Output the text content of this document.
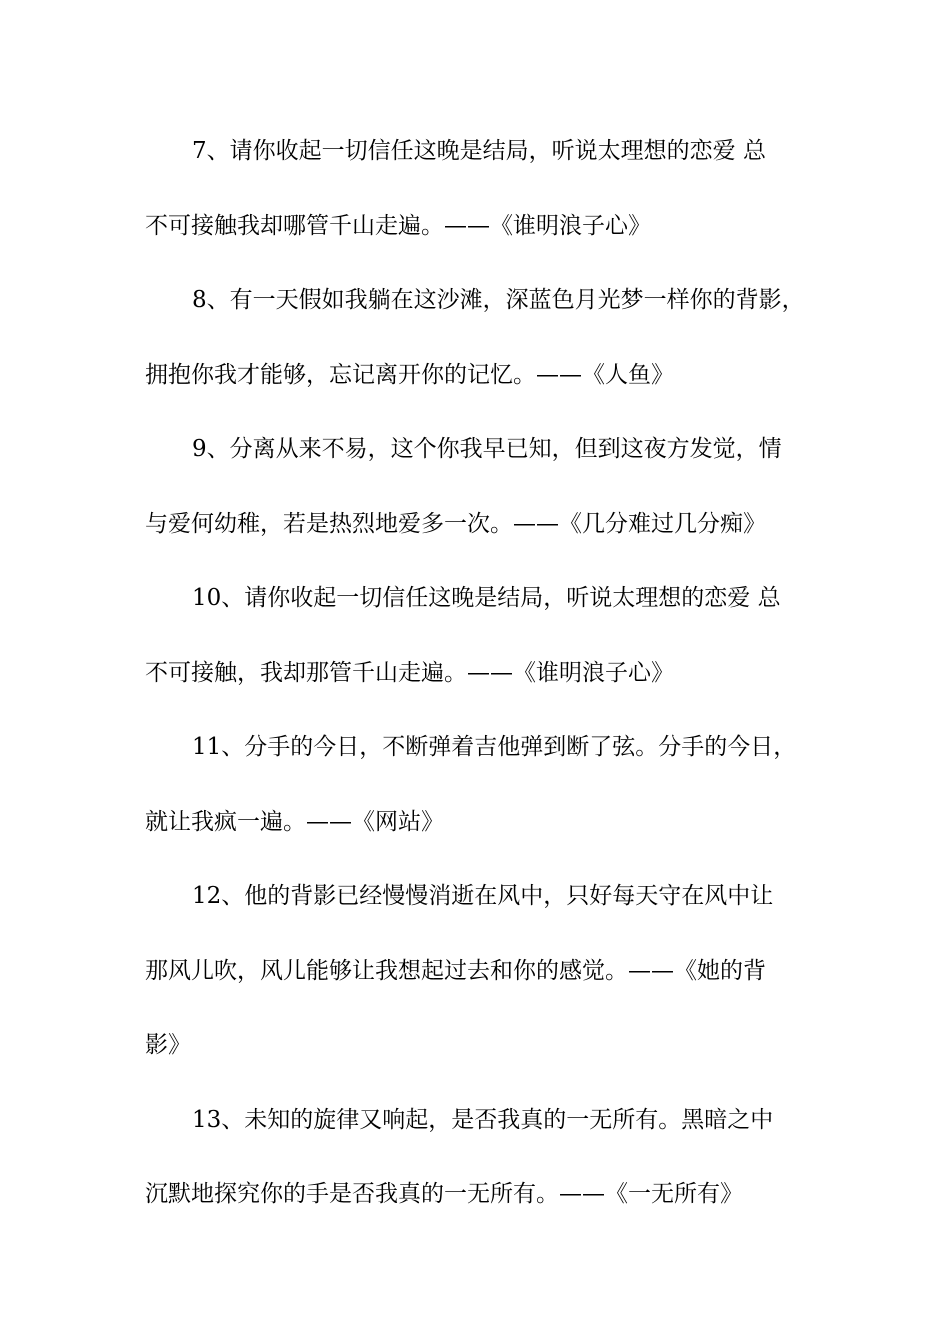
7、请你收起一切信任这晚是结局，听说太理想的恋爱 总
不可接触我却哪管千山走遍。——《谁明浪子心》
8、有一天假如我躺在这沙滩，深蓝色月光梦一样你的背影，
拥抱你我才能够，忘记离开你的记忆。——《人鱼》
9、分离从来不易，这个你我早已知，但到这夜方发觉，情
与爱何幼稚，若是热烈地爱多一次。——《几分难过几分痴》
10、请你收起一切信任这晚是结局，听说太理想的恋爱 总
不可接触，我却那管千山走遍。——《谁明浪子心》
11、分手的今日，不断弹着吉他弹到断了弦。分手的今日，
就让我疯一遍。——《网站》
12、他的背影已经慢慢消逝在风中，只好每天守在风中让
那风儿吹，风儿能够让我想起过去和你的感觉。——《她的背
影》
13、未知的旋律又响起，是否我真的一无所有。黑暗之中
沉默地探究你的手是否我真的一无所有。——《一无所有》
